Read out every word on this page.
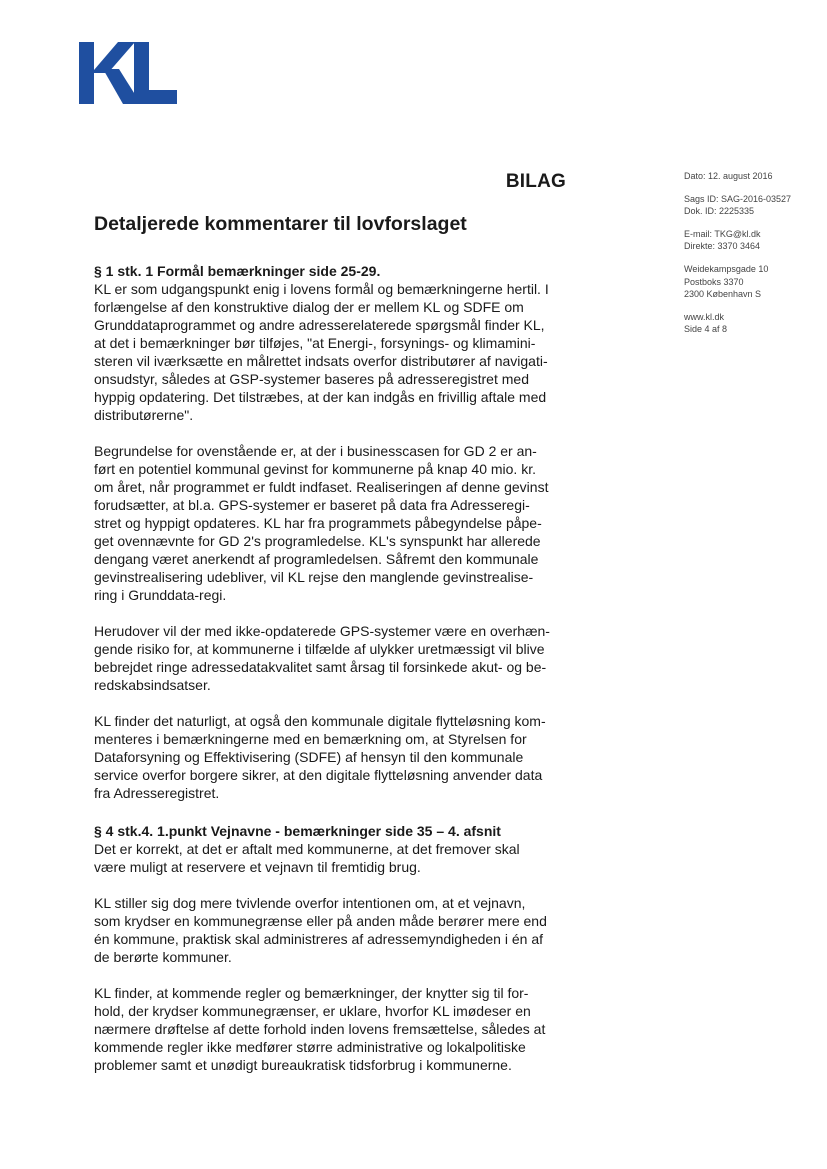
BILAG
Detaljerede kommentarer til lovforslaget
§ 1 stk. 1 Formål bemærkninger side 25-29.
KL er som udgangspunkt enig i lovens formål og bemærkningerne hertil. I
forlængelse af den konstruktive dialog der er mellem KL og SDFE om
Grunddataprogrammet og andre adresserelaterede spørgsmål finder KL,
at det i bemærkninger bør tilføjes, "at Energi-, forsynings- og klimamini-
steren vil iværksætte en målrettet indsats overfor distributører af navigati-
onsudstyr, således at GSP-systemer baseres på adresseregistret med
hyppig opdatering. Det tilstræbes, at der kan indgås en frivillig aftale med
distributørerne".
Begrundelse for ovenstående er, at der i businesscasen for GD 2 er an-
ført en potentiel kommunal gevinst for kommunerne på knap 40 mio. kr.
om året, når programmet er fuldt indfaset. Realiseringen af denne gevinst
forudsætter, at bl.a. GPS-systemer er baseret på data fra Adresseregi-
stret og hyppigt opdateres. KL har fra programmets påbegyndelse påpe-
get ovennævnte for GD 2's programledelse. KL's synspunkt har allerede
dengang været anerkendt af programledelsen. Såfremt den kommunale
gevinstrealisering udebliver, vil KL rejse den manglende gevinstrealise-
ring i Grunddata-regi.
Herudover vil der med ikke-opdaterede GPS-systemer være en overhæn-
gende risiko for, at kommunerne i tilfælde af ulykker uretmæssigt vil blive
bebrejdet ringe adressedatakvalitet samt årsag til forsinkede akut- og be-
redskabsindsatser.
KL finder det naturligt, at også den kommunale digitale flytteløsning kom-
menteres i bemærkningerne med en bemærkning om, at Styrelsen for
Dataforsyning og Effektivisering (SDFE) af hensyn til den kommunale
service overfor borgere sikrer, at den digitale flytteløsning anvender data
fra Adresseregistret.
§ 4 stk.4. 1.punkt Vejnavne - bemærkninger side 35 – 4. afsnit
Det er korrekt, at det er aftalt med kommunerne, at det fremover skal
være muligt at reservere et vejnavn til fremtidig brug.
KL stiller sig dog mere tvivlende overfor intentionen om, at et vejnavn,
som krydser en kommunegrænse eller på anden måde berører mere end
én kommune, praktisk skal administreres af adressemyndigheden i én af
de berørte kommuner.
KL finder, at kommende regler og bemærkninger, der knytter sig til for-
hold, der krydser kommunegrænser, er uklare, hvorfor KL imødeser en
nærmere drøftelse af dette forhold inden lovens fremsættelse, således at
kommende regler ikke medfører større administrative og lokalpolitiske
problemer samt et unødigt bureaukratisk tidsforbrug i kommunerne.
Dato: 12. august 2016
Sags ID: SAG-2016-03527
Dok. ID: 2225335
E-mail: TKG@kl.dk
Direkte: 3370 3464
Weidekampsgade 10
Postboks 3370
2300 København S
www.kl.dk
Side 4 af 8
